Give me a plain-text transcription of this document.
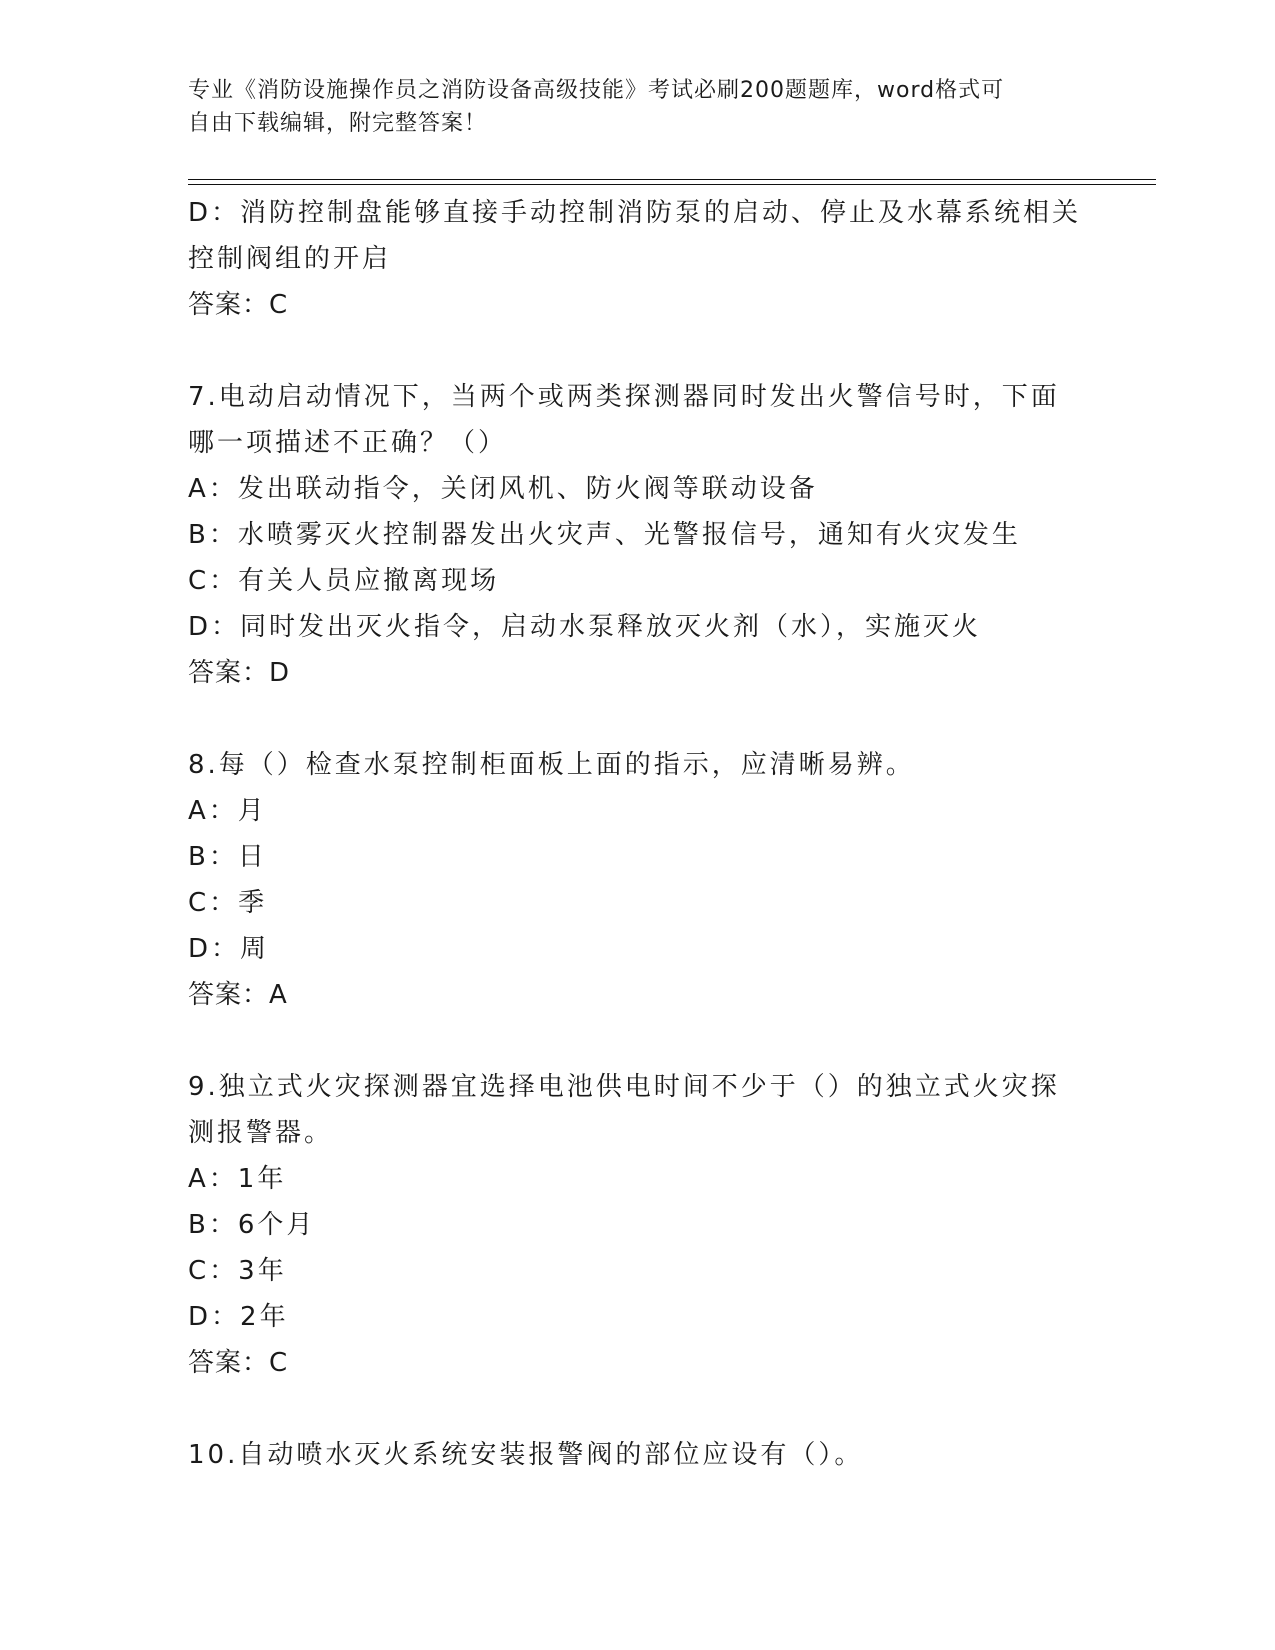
专业《消防设施操作员之消防设备高级技能》考试必刷200题题库，word格式可
自由下载编辑，附完整答案！
D：消防控制盘能够直接手动控制消防泵的启动、停止及水幕系统相关
控制阀组的开启
答案：C
7.电动启动情况下，当两个或两类探测器同时发出火警信号时，下面
哪一项描述不正确？（）
A：发出联动指令，关闭风机、防火阀等联动设备
B：水喷雾灭火控制器发出火灾声、光警报信号，通知有火灾发生
C：有关人员应撤离现场
D：同时发出灭火指令，启动水泵释放灭火剂（水），实施灭火
答案：D
8.每（）检查水泵控制柜面板上面的指示，应清晰易辨。
A：月
B：日
C：季
D：周
答案：A
9.独立式火灾探测器宜选择电池供电时间不少于（）的独立式火灾探
测报警器。
A：1年
B：6个月
C：3年
D：2年
答案：C
10.自动喷水灭火系统安装报警阀的部位应设有（）。
